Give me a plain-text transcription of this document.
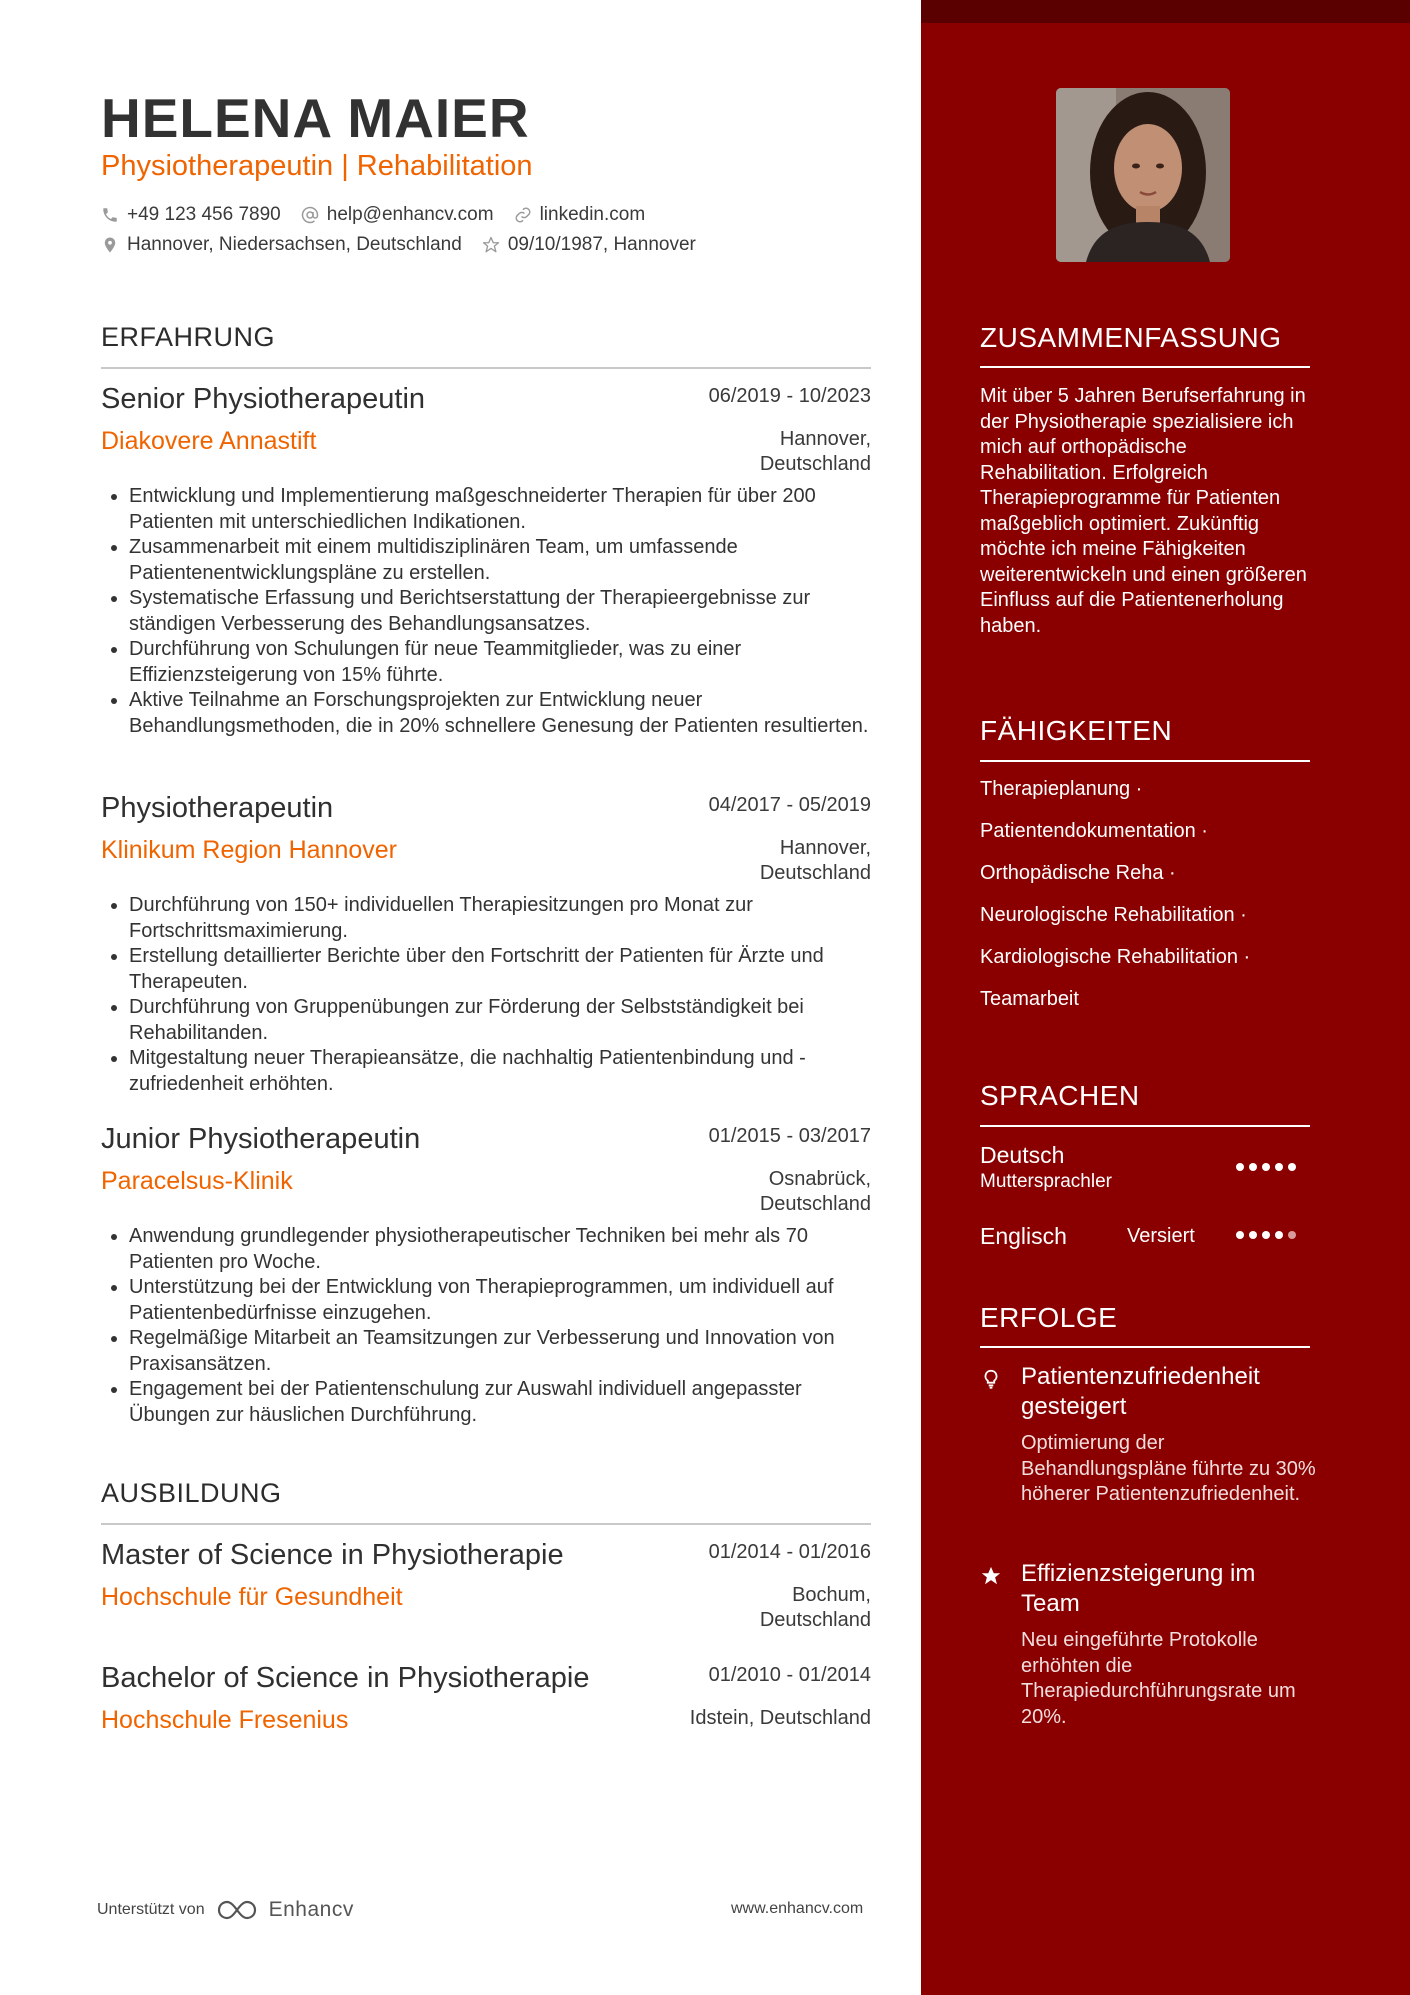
HELENA MAIER
Physiotherapeutin | Rehabilitation
+49 123 456 7890 help@enhancv.com linkedin.com
Hannover, Niedersachsen, Deutschland 09/10/1987, Hannover
ERFAHRUNG
Senior Physiotherapeutin	06/2019 - 10/2023
Diakovere Annastift	Hannover,
Deutschland
• Entwicklung und Implementierung maßgeschneiderter Therapien für über 200 Patienten mit unterschiedlichen Indikationen.
• Zusammenarbeit mit einem multidisziplinären Team, um umfassende Patientenentwicklungspläne zu erstellen.
• Systematische Erfassung und Berichtserstattung der Therapieergebnisse zur ständigen Verbesserung des Behandlungsansatzes.
• Durchführung von Schulungen für neue Teammitglieder, was zu einer Effizienzsteigerung von 15% führte.
• Aktive Teilnahme an Forschungsprojekten zur Entwicklung neuer Behandlungsmethoden, die in 20% schnellere Genesung der Patienten resultierten.
Physiotherapeutin	04/2017 - 05/2019
Klinikum Region Hannover	Hannover,
Deutschland
• Durchführung von 150+ individuellen Therapiesitzungen pro Monat zur Fortschrittsmaximierung.
• Erstellung detaillierter Berichte über den Fortschritt der Patienten für Ärzte und Therapeuten.
• Durchführung von Gruppenübungen zur Förderung der Selbstständigkeit bei Rehabilitanden.
• Mitgestaltung neuer Therapieansätze, die nachhaltig Patientenbindung und -zufriedenheit erhöhten.
Junior Physiotherapeutin	01/2015 - 03/2017
Paracelsus-Klinik	Osnabrück,
Deutschland
• Anwendung grundlegender physiotherapeutischer Techniken bei mehr als 70 Patienten pro Woche.
• Unterstützung bei der Entwicklung von Therapieprogrammen, um individuell auf Patientenbedürfnisse einzugehen.
• Regelmäßige Mitarbeit an Teamsitzungen zur Verbesserung und Innovation von Praxisansätzen.
• Engagement bei der Patientenschulung zur Auswahl individuell angepasster Übungen zur häuslichen Durchführung.
AUSBILDUNG
Master of Science in Physiotherapie	01/2014 - 01/2016
Hochschule für Gesundheit	Bochum,
Deutschland
Bachelor of Science in Physiotherapie	01/2010 - 01/2014
Hochschule Fresenius	Idstein, Deutschland
Unterstützt von	Enhancv	www.enhancv.com
ZUSAMMENFASSUNG
Mit über 5 Jahren Berufserfahrung in der Physiotherapie spezialisiere ich mich auf orthopädische Rehabilitation. Erfolgreich Therapieprogramme für Patienten maßgeblich optimiert. Zukünftig möchte ich meine Fähigkeiten weiterentwickeln und einen größeren Einfluss auf die Patientenerholung haben.
FÄHIGKEITEN
Therapieplanung ·
Patientendokumentation ·
Orthopädische Reha ·
Neurologische Rehabilitation ·
Kardiologische Rehabilitation ·
Teamarbeit
SPRACHEN
Deutsch
Muttersprachler
Englisch	Versiert
ERFOLGE
Patientenzufriedenheit gesteigert
Optimierung der Behandlungspläne führte zu 30% höherer Patientenzufriedenheit.
Effizienzsteigerung im Team
Neu eingeführte Protokolle erhöhten die Therapiedurchführungsrate um 20%.
